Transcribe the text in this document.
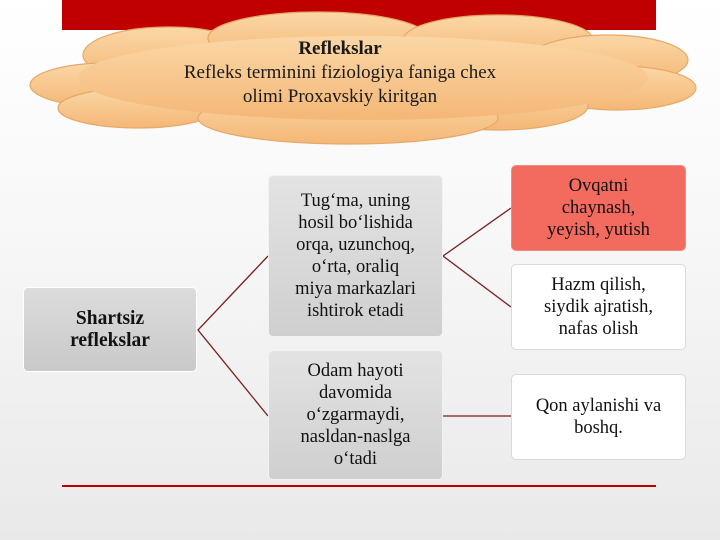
Reflekslar
Refleks terminini fiziologiya faniga chex
olimi Proxavskiy kiritgan
Shartsiz
reflekslar
Tug‘ma, uning
hosil bo‘lishida
orqa, uzunchoq,
o‘rta, oraliq
miya markazlari
ishtirok etadi
Odam hayoti
davomida
o‘zgarmaydi,
nasldan-naslga
o‘tadi
Ovqatni
chaynash,
yeyish, yutish
Hazm qilish,
siydik ajratish,
nafas olish
Qon aylanishi va
boshq.
